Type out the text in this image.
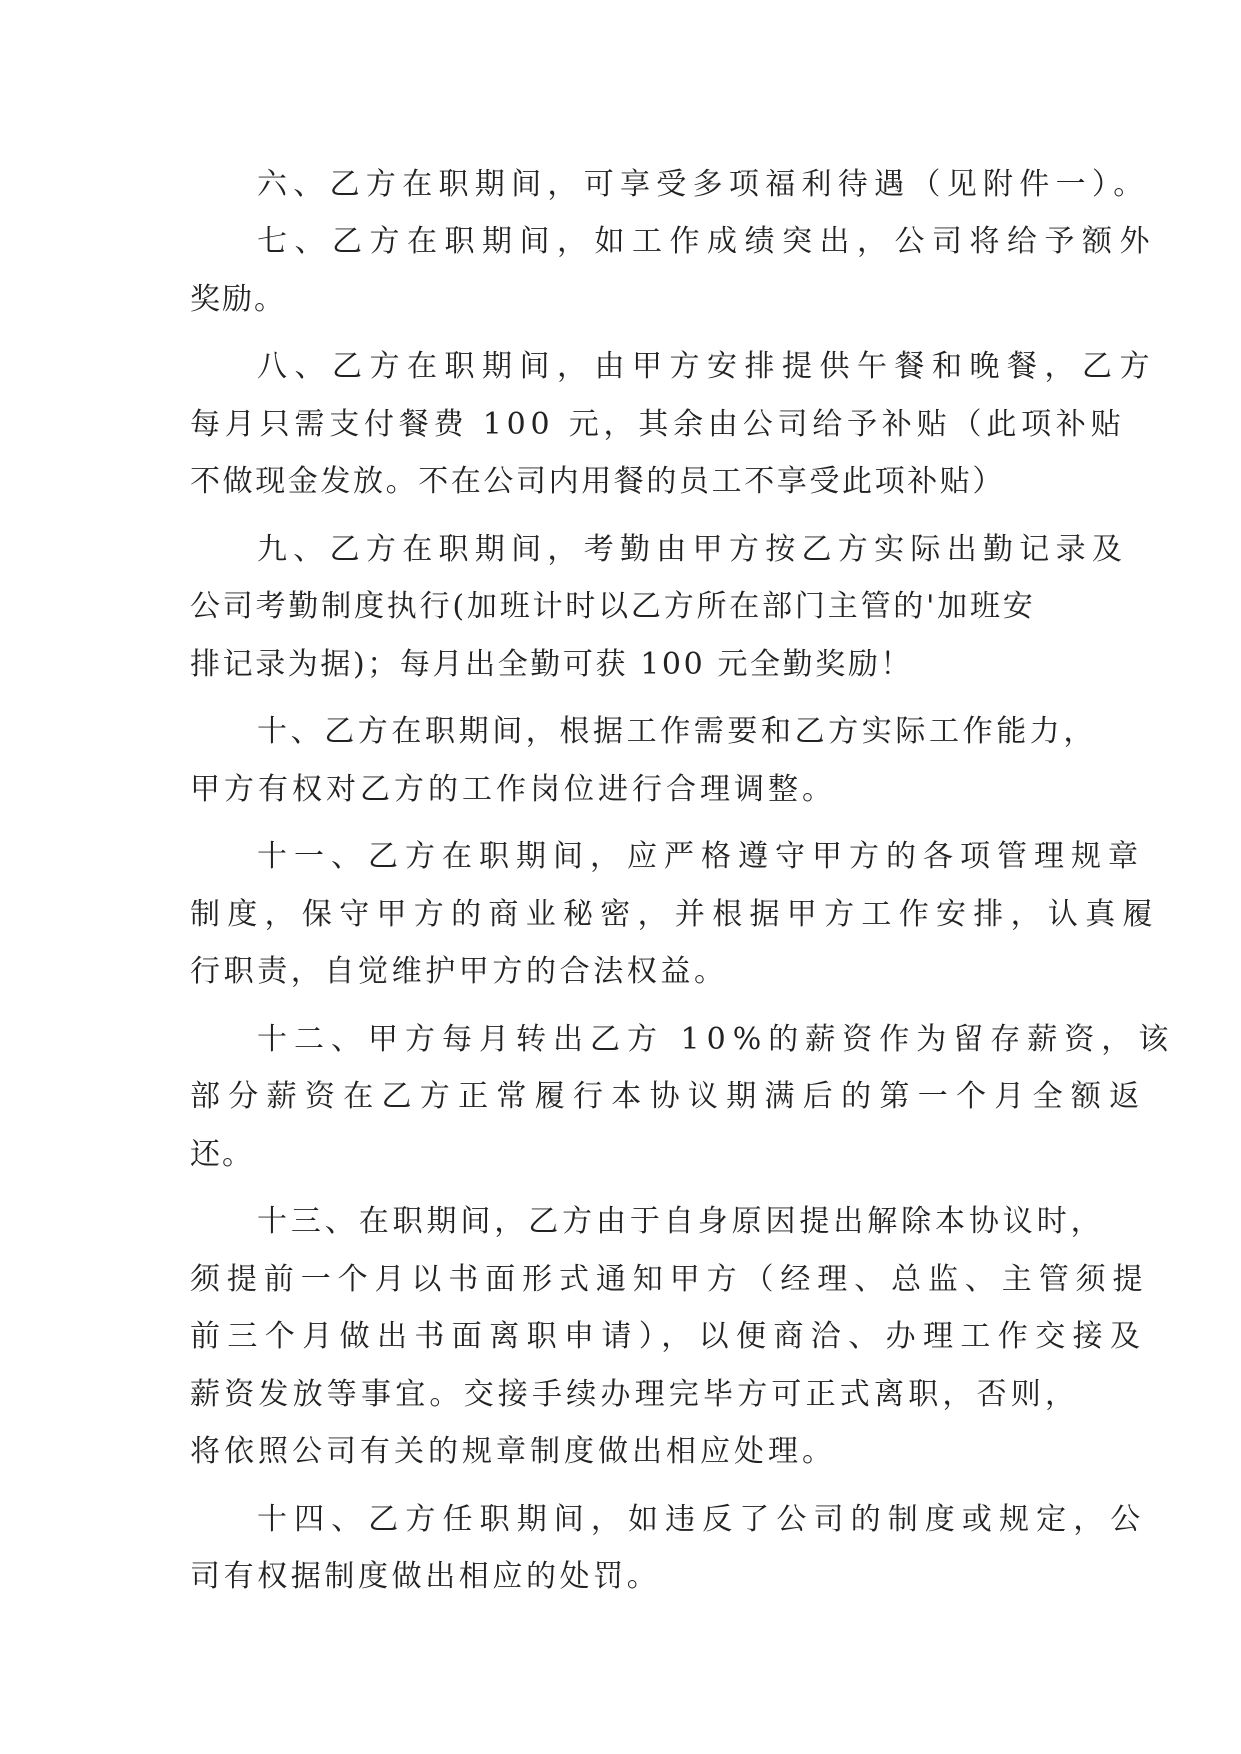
六、乙方在职期间，可享受多项福利待遇（见附件一）。
七、乙方在职期间，如工作成绩突出，公司将给予额外
奖励。
八、乙方在职期间，由甲方安排提供午餐和晚餐，乙方
每月只需支付餐费 100 元，其余由公司给予补贴（此项补贴
不做现金发放。不在公司内用餐的员工不享受此项补贴）
九、乙方在职期间，考勤由甲方按乙方实际出勤记录及
公司考勤制度执行(加班计时以乙方所在部门主管的'加班安
排记录为据)；每月出全勤可获 100 元全勤奖励！
十、乙方在职期间，根据工作需要和乙方实际工作能力，
甲方有权对乙方的工作岗位进行合理调整。
十一、乙方在职期间，应严格遵守甲方的各项管理规章
制度，保守甲方的商业秘密，并根据甲方工作安排，认真履
行职责，自觉维护甲方的合法权益。
十二、甲方每月转出乙方 10%的薪资作为留存薪资，该
部分薪资在乙方正常履行本协议期满后的第一个月全额返
还。
十三、在职期间，乙方由于自身原因提出解除本协议时，
须提前一个月以书面形式通知甲方（经理、总监、主管须提
前三个月做出书面离职申请），以便商洽、办理工作交接及
薪资发放等事宜。交接手续办理完毕方可正式离职，否则，
将依照公司有关的规章制度做出相应处理。
十四、乙方任职期间，如违反了公司的制度或规定，公
司有权据制度做出相应的处罚。
